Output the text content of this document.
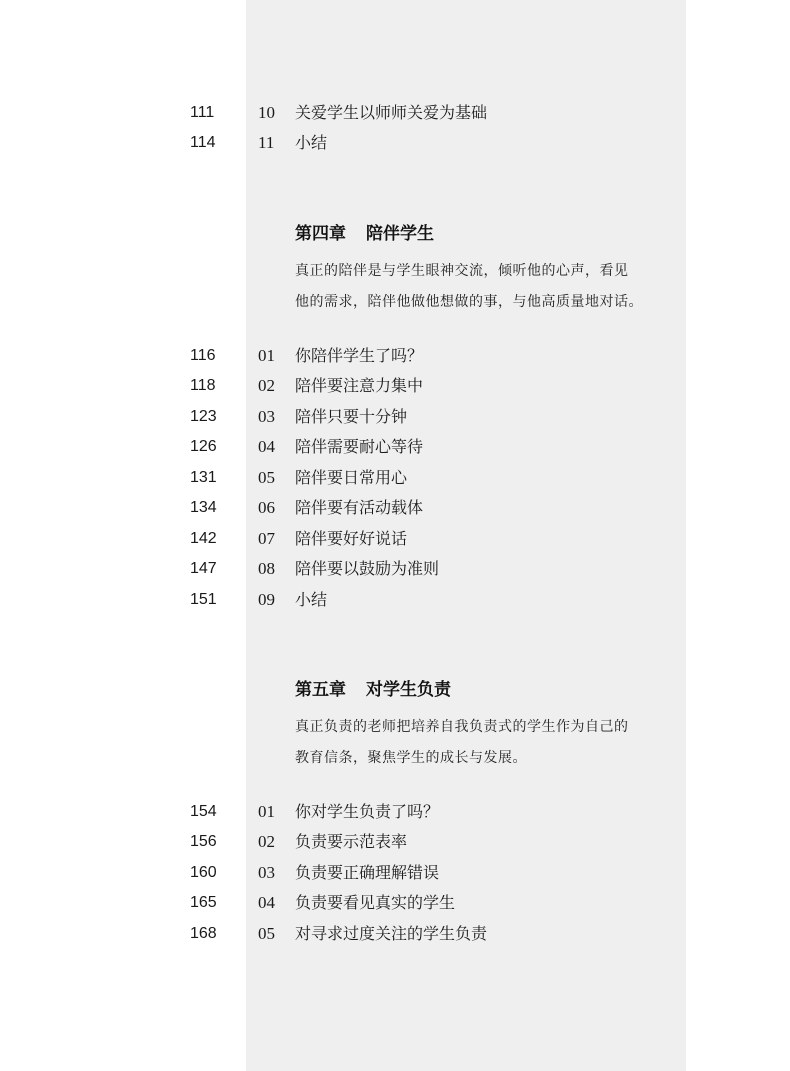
111	10 关爱学生以师师关爱为基础
114	11 小结
第四章 陪伴学生
真正的陪伴是与学生眼神交流，倾听他的心声，看见
他的需求，陪伴他做他想做的事，与他高质量地对话。
116	01 你陪伴学生了吗？
118	02 陪伴要注意力集中
123	03 陪伴只要十分钟
126	04 陪伴需要耐心等待
131	05 陪伴要日常用心
134	06 陪伴要有活动载体
142	07 陪伴要好好说话
147	08 陪伴要以鼓励为准则
151	09 小结
第五章 对学生负责
真正负责的老师把培养自我负责式的学生作为自己的
教育信条，聚焦学生的成长与发展。
154	01 你对学生负责了吗？
156	02 负责要示范表率
160	03 负责要正确理解错误
165	04 负责要看见真实的学生
168	05 对寻求过度关注的学生负责
